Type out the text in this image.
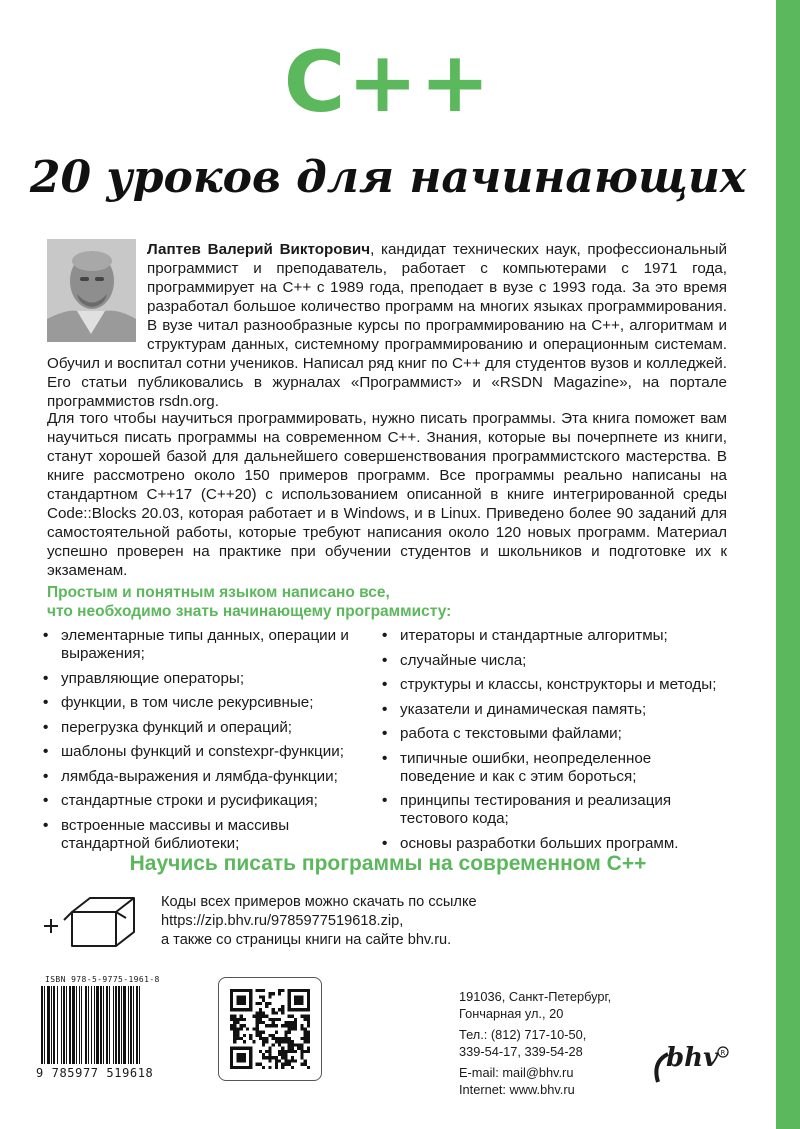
C++
20 уроков для начинающих
Лаптев Валерий Викторович, кандидат технических наук, профессиональный программист и преподаватель, работает с компьютерами с 1971 года, программирует на C++ с 1989 года, преподает в вузе с 1993 года. За это время разработал большое количество программ на многих языках программирования. В вузе читал разнообразные курсы по программированию на C++, алгоритмам и структурам данных, системному программированию и операционным системам. Обучил и воспитал сотни учеников. Написал ряд книг по C++ для студентов вузов и колледжей. Его статьи публиковались в журналах «Программист» и «RSDN Magazine», на портале программистов rsdn.org.
Для того чтобы научиться программировать, нужно писать программы. Эта книга поможет вам научиться писать программы на современном C++. Знания, которые вы почерпнете из книги, станут хорошей базой для дальнейшего совершенствования программистского мастерства. В книге рассмотрено около 150 примеров программ. Все программы реально написаны на стандартном C++17 (C++20) с использованием описанной в книге интегрированной среды Code::Blocks 20.03, которая работает и в Windows, и в Linux. Приведено более 90 заданий для самостоятельной работы, которые требуют написания около 120 новых программ. Материал успешно проверен на практике при обучении студентов и школьников и подготовке их к экзаменам.
Простым и понятным языком написано все,
что необходимо знать начинающему программисту:
• элементарные типы данных, операции и выражения;
• управляющие операторы;
• функции, в том числе рекурсивные;
• перегрузка функций и операций;
• шаблоны функций и constexpr-функции;
• лямбда-выражения и лямбда-функции;
• стандартные строки и русификация;
• встроенные массивы и массивы стандартной библиотеки;
• итераторы и стандартные алгоритмы;
• случайные числа;
• структуры и классы, конструкторы и методы;
• указатели и динамическая память;
• работа с текстовыми файлами;
• типичные ошибки, неопределенное поведение и как с этим бороться;
• принципы тестирования и реализация тестового кода;
• основы разработки больших программ.
Научись писать программы на современном C++
Коды всех примеров можно скачать по ссылке
https://zip.bhv.ru/9785977519618.zip,
а также со страницы книги на сайте bhv.ru.
ISBN 978-5-9775-1961-8
9 785977 519618
191036, Санкт-Петербург,
Гончарная ул., 20
Тел.: (812) 717-10-50,
339-54-17, 339-54-28
E-mail: mail@bhv.ru
Internet: www.bhv.ru
bhv R
